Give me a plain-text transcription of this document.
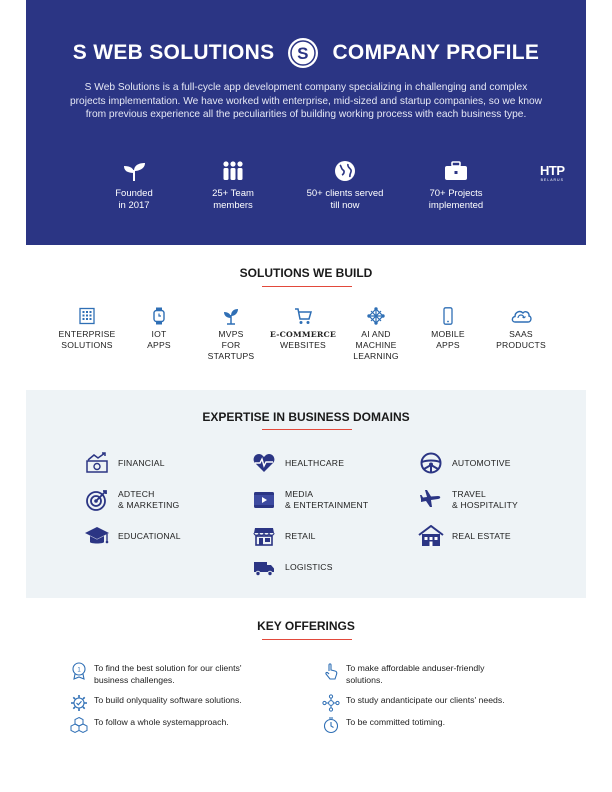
S WEB SOLUTIONS S COMPANY PROFILE

S Web Solutions is a full-cycle app development company specializing in challenging and complex projects implementation. We have worked with enterprise, mid-sized and startup companies, so we know from previous experience all the peculiarities of building working process with each business type.

Founded
in 2017
25+ Team
members
50+ clients served
till now
70+ Projects
implemented
HTP
BELARUS
SOLUTIONS WE BUILD
ENTERPRISE
SOLUTIONS
IOT
APPS
MVPS
FOR
STARTUPS
E-COMMERCE
WEBSITES
AI AND
MACHINE
LEARNING
MOBILE
APPS
SAAS
PRODUCTS
EXPERTISE IN BUSINESS DOMAINS
FINANCIAL	HEALTHCARE	AUTOMOTIVE
ADTECH
& MARKETING
MEDIA
& ENTERTAINMENT
TRAVEL
& HOSPITALITY
EDUCATIONAL	RETAIL	REAL ESTATE
LOGISTICS
KEY OFFERINGS
1 To find the best solution for our clients'
business challenges.
To make affordable anduser-friendly
solutions.
To build onlyquality software solutions.	To study andanticipate our clients' needs.
To follow a whole systemapproach.	To be committed totiming.
